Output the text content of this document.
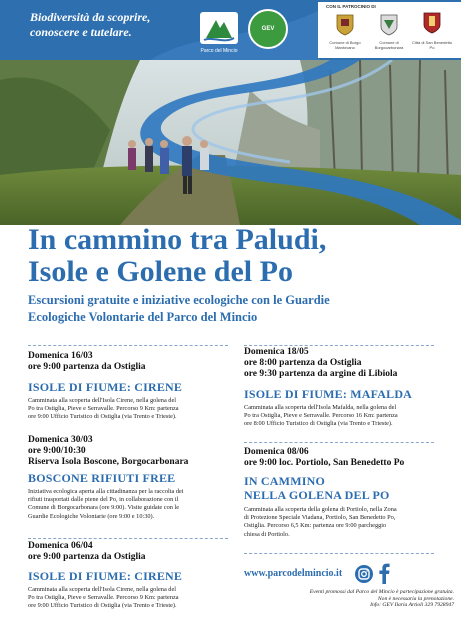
Biodiversità da scoprire,
conoscere e tutelare.
Parco del Mincio
GEV
CON IL PATROCINIO DI
Comune di Borgo Mantovano
Comune di Borgocarbonara
Città di San Benedetto Po
In cammino tra Paludi,
Isole e Golene del Po
Escursioni gratuite e iniziative ecologiche con le Guardie
Ecologiche Volontarie del Parco del Mincio
Domenica 16/03
ore 9:00 partenza da Ostiglia
ISOLE DI FIUME: CIRENE
Camminata alla scoperta dell'Isola Cirene, nella golena del
Po tra Ostiglia, Pieve e Serravalle. Percorso 9 Km: partenza
ore 9:00 Ufficio Turistico di Ostiglia (via Trento e Trieste).
Domenica 30/03
ore 9:00/10:30
Riserva Isola Boscone, Borgocarbonara
BOSCONE RIFIUTI FREE
Iniziativa ecologica aperta alla cittadinanza per la raccolta dei
rifiuti trasportati dalle piene del Po, in collaborazione con il
Comune di Borgocarbonara (ore 9:00). Visite guidate con le
Guardie Ecologiche Volontarie (ore 9:00 e 10:30).
Domenica 06/04
ore 9:00 partenza da Ostiglia
ISOLE DI FIUME: CIRENE
Camminata alla scoperta dell'Isola Cirene, nella golena del
Po tra Ostiglia, Pieve e Serravalle. Percorso 9 Km: partenza
ore 9:00 Ufficio Turistico di Ostiglia (via Trento e Trieste).
Domenica 18/05
ore 8:00 partenza da Ostiglia
ore 9:30 partenza da argine di Libiola
ISOLE DI FIUME: MAFALDA
Camminata alla scoperta dell'Isola Mafalda, nella golena del
Po tra Ostiglia, Pieve e Serravalle. Percorso 16 Km: partenza
ore 8:00 Ufficio Turistico di Ostiglia (via Trento e Trieste).
Domenica 08/06
ore 9:00 loc. Portiolo, San Benedetto Po
IN CAMMINO
NELLA GOLENA DEL PO
Camminata alla scoperta della golena di Portiolo, nella Zona
di Protezione Speciale Viadana, Portiolo, San Benedetto Po,
Ostiglia. Percorso 6,5 Km: partenza ore 9:00 parcheggio
chiesa di Portiolo.
www.parcodelmincio.it
Eventi promossi dal Parco del Mincio è partecipazione gratuita.
Non è necessaria la prenotazione.
Info: GEV Ilaria Artioli 329 7928947
